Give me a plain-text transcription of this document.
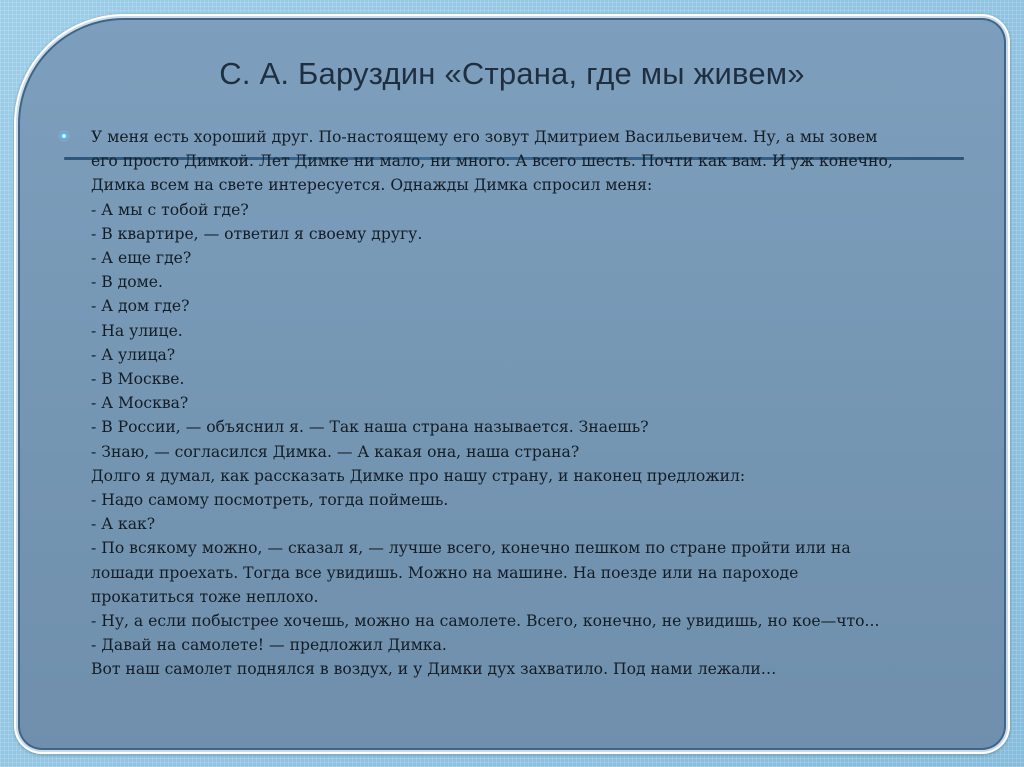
С. А. Баруздин «Страна, где мы живем»
У меня есть хороший друг. По-настоящему его зовут Дмитрием Васильевичем. Ну, а мы зовем
его просто Димкой. Лет Димке ни мало, ни много. А всего шесть. Почти как вам. И уж конечно,
Димка всем на свете интересуется. Однажды Димка спросил меня:
- А мы с тобой где?
- В квартире, — ответил я своему другу.
- А еще где?
- В доме.
- А дом где?
- На улице.
- А улица?
- В Москве.
- А Москва?
- В России, — объяснил я. — Так наша страна называется. Знаешь?
- Знаю, — согласился Димка. — А какая она, наша страна?
Долго я думал, как рассказать Димке про нашу страну, и наконец предложил:
- Надо самому посмотреть, тогда поймешь.
- А как?
- По всякому можно, — сказал я, — лучше всего, конечно пешком по стране пройти или на
лошади проехать. Тогда все увидишь. Можно на машине. На поезде или на пароходе
прокатиться тоже неплохо.
- Ну, а если побыстрее хочешь, можно на самолете. Всего, конечно, не увидишь, но кое—что...
- Давай на самолете! — предложил Димка.
Вот наш самолет поднялся в воздух, и у Димки дух захватило. Под нами лежали…
